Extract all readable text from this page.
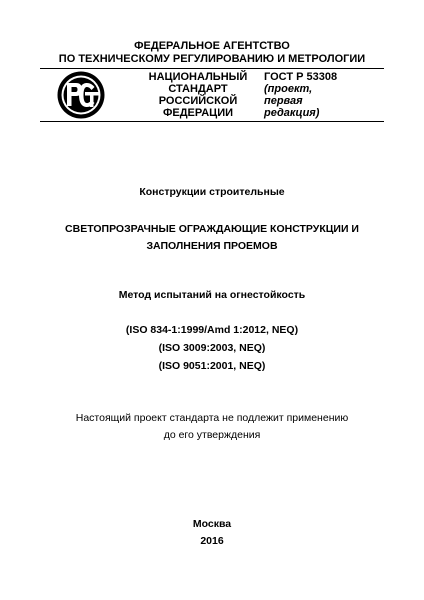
ФЕДЕРАЛЬНОЕ АГЕНТСТВО
ПО ТЕХНИЧЕСКОМУ РЕГУЛИРОВАНИЮ И МЕТРОЛОГИИ
НАЦИОНАЛЬНЫЙ
СТАНДАРТ
РОССИЙСКОЙ
ФЕДЕРАЦИИ
ГОСТ Р 53308
(проект,
первая
редакция)
Конструкции строительные
СВЕТОПРОЗРАЧНЫЕ ОГРАЖДАЮЩИЕ КОНСТРУКЦИИ И
ЗАПОЛНЕНИЯ ПРОЕМОВ
Метод испытаний на огнестойкость
(ISO 834-1:1999/Amd 1:2012, NEQ)
(ISO 3009:2003, NEQ)
(ISO 9051:2001, NEQ)
Настоящий проект стандарта не подлежит применению
до его утверждения
Москва
2016
